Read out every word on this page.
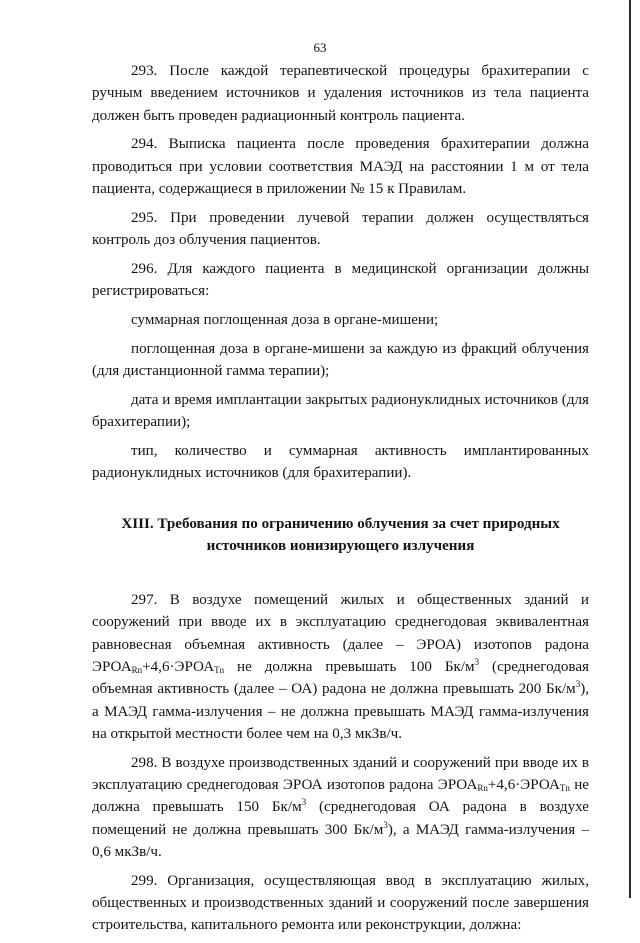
63

293. После каждой терапевтической процедуры брахитерапии с ручным введением источников и удаления источников из тела пациента должен быть проведен радиационный контроль пациента.

294. Выписка пациента после проведения брахитерапии должна проводиться при условии соответствия МАЭД на расстоянии 1 м от тела пациента, содержащиеся в приложении № 15 к Правилам.

295. При проведении лучевой терапии должен осуществляться контроль доз облучения пациентов.

296. Для каждого пациента в медицинской организации должны регистрироваться:

суммарная поглощенная доза в органе-мишени;

поглощенная доза в органе-мишени за каждую из фракций облучения (для дистанционной гамма терапии);

дата и время имплантации закрытых радионуклидных источников (для брахитерапии);

тип, количество и суммарная активность имплантированных радионуклидных источников (для брахитерапии).

XIII. Требования по ограничению облучения за счет природных
источников ионизирующего излучения

297. В воздухе помещений жилых и общественных зданий и сооружений при вводе их в эксплуатацию среднегодовая эквивалентная равновесная объемная активность (далее – ЭРОА) изотопов радона $ЭРОА_{Rn}+4,6\cdot ЭРОА_{Tn}$ не должна превышать 100 $Бк/м^3$ (среднегодовая объемная активность (далее – ОА) радона не должна превышать 200 $Бк/м^3$), а МАЭД гамма-излучения – не должна превышать МАЭД гамма-излучения на открытой местности более чем на 0,3 мкЗв/ч.

298. В воздухе производственных зданий и сооружений при вводе их в эксплуатацию среднегодовая ЭРОА изотопов радона $ЭРОА_{Rn}+4,6\cdot ЭРОА_{Tn}$ не должна превышать 150 $Бк/м^3$ (среднегодовая ОА радона в воздухе помещений не должна превышать 300 $Бк/м^3$), а МАЭД гамма-излучения – 0,6 мкЗв/ч.

299. Организация, осуществляющая ввод в эксплуатацию жилых, общественных и производственных зданий и сооружений после завершения строительства, капитального ремонта или реконструкции, должна:
